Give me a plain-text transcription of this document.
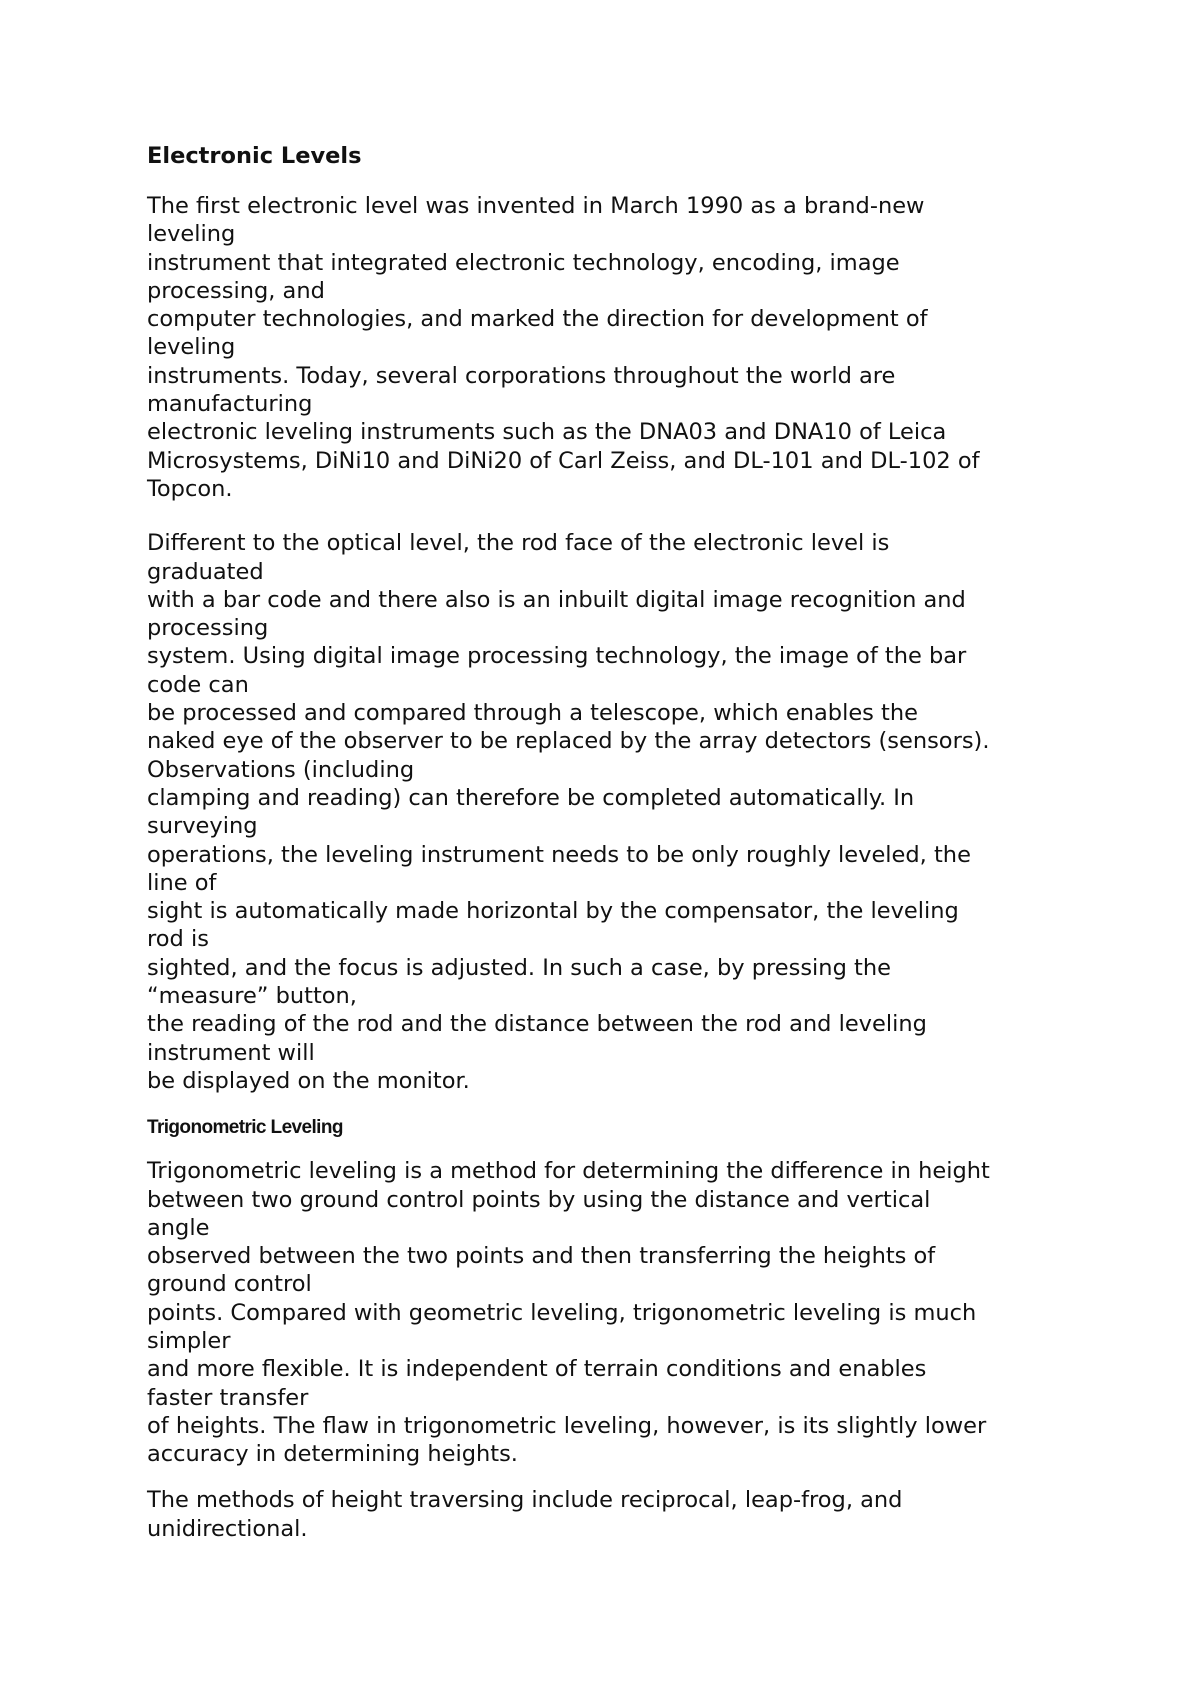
Electronic Levels
The first electronic level was invented in March 1990 as a brand-new
leveling
instrument that integrated electronic technology, encoding, image
processing, and
computer technologies, and marked the direction for development of
leveling
instruments. Today, several corporations throughout the world are
manufacturing
electronic leveling instruments such as the DNA03 and DNA10 of Leica
Microsystems, DiNi10 and DiNi20 of Carl Zeiss, and DL-101 and DL-102 of
Topcon.
Different to the optical level, the rod face of the electronic level is
graduated
with a bar code and there also is an inbuilt digital image recognition and
processing
system. Using digital image processing technology, the image of the bar
code can
be processed and compared through a telescope, which enables the
naked eye of the observer to be replaced by the array detectors (sensors).
Observations (including
clamping and reading) can therefore be completed automatically. In
surveying
operations, the leveling instrument needs to be only roughly leveled, the
line of
sight is automatically made horizontal by the compensator, the leveling
rod is
sighted, and the focus is adjusted. In such a case, by pressing the
“measure” button,
the reading of the rod and the distance between the rod and leveling
instrument will
be displayed on the monitor.
Trigonometric Leveling
Trigonometric leveling is a method for determining the difference in height
between two ground control points by using the distance and vertical
angle
observed between the two points and then transferring the heights of
ground control
points. Compared with geometric leveling, trigonometric leveling is much
simpler
and more flexible. It is independent of terrain conditions and enables
faster transfer
of heights. The flaw in trigonometric leveling, however, is its slightly lower
accuracy in determining heights.
The methods of height traversing include reciprocal, leap-frog, and
unidirectional.
